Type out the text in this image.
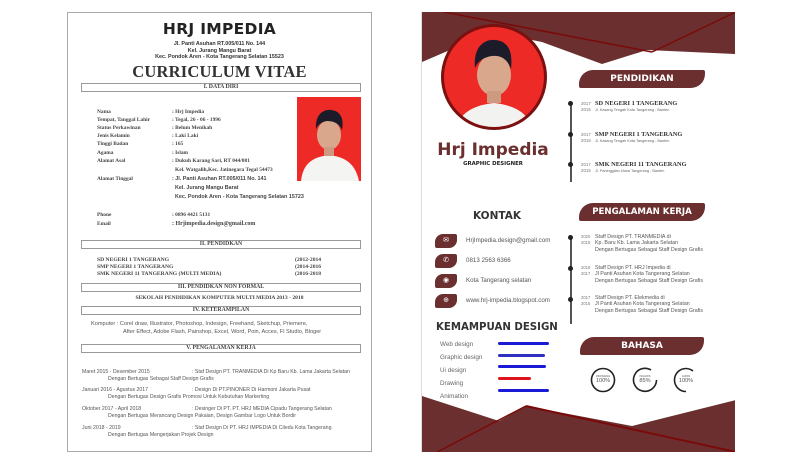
HRJ IMPEDIA
Jl. Panti Asuhan RT.005/011 No. 144
Kel. Jurang Mangu Barat
Kec. Pondok Aren - Kota Tangerang Selatan 15523
CURRICULUM VITAE
I. DATA DIRI
Nama	: Hrj Impedia
Tempat, Tanggal Lahir	: Tegal, 26 - 06 - 1996
Status Perkawinan	: Belum Menikah
Jenis Kelamin	: Laki Laki
Tinggi Badan	: 165
Agama	: Islam
Alamat Asal	: Dukuh Karang Sari, RT 044/081
Kel. Watgalih,Kec. Jatinegara Tegal 54473
Alamat Tinggal	: Jl. Panti Asuhan RT.005/011 No. 141
Kel. Jurang Mangu Barat
Kec. Pondok Aren - Kota Tangerang Selatan 15723
Phone	: 0896 4421 5131
Email	: Hrjimpedia.design@gmail.com
II. PENDIDKAN
SD NEGERI 1 TANGERANG	(2012-2014
SMP NEGERI 1 TANGERANG	(2014-2016
SMK NEGERI 11 TANGERANG (MULTI MEDIA)	(2016-2018
III. PENDIDKAN NON FORMAL
SEKOLAH PENDIDIKAN KOMPUTER MULTI MEDIA 2013 - 2018
IV. KETERAMPILAN
Komputer : Corel draw, Illustrator, Photoshop, Indesign, Freehand, Sketchup, Priemere,
After Effect, Adobe Flash, Painshop, Excel, Word, Poin, Acces, Fl Studio, Bloger
V. PENGALAMAN KERJA
Maret 2015 - Desember 2015	: Staf Design PT. TRANMEDIA Di Kp Baru Kb. Lama Jakarta Selatan
Dengan Bertugas Sebagai Staff Design Grafis
Januari 2016 - Agustus 2017	: Design Di PT.PINONER Di Harmoni Jakarta Pusat
Dengan Bertugas Design Grafis Promosi Untuk Kebutuhan Markerting
Oktober 2017 - April 2018	: Desinger Di PT. PT. HRJ MEDIA Cipadu Tangerang Selatan
Dengan Bertugas Merancang Design Pakaian, Design Gambar Logo Untuk Bordir
Juni 2018 - 2019	: Staf Design Di PT. HRJ IMPEDIA Di Ciledu Kota Tangerang
Dengan Bertugas Mengerjakan Projek Design
Hrj Impedia
GRAPHIC DESIGNER
KONTAK
✉	HrjImpedia.design@gmail.com
✆	0813 2563 6366
◉	Kota Tangerang selatan
⊕	www.hrj-impedia.blogspot.com
KEMAMPUAN DESIGN
Web design
Graphic design
Ui design
Drawing
Animation
PENDIDIKAN
2017
2015
SD NEGERI 1 TANGERANG
Jl. Kasang Tengah Kota Tangerang - Banten
2017
2015
SMP NEGERI 1 TANGERANG
Jl. Kasang Tengah Kota Tangerang - Banten
2017
2015
SMK NEGERI 11 TANGERANG
Jl. Paninggilan Utara Tangerang - Banten
PENGALAMAN KERJA
2020
2018
Staff Design PT. TRANMEDIA di
Kp. Baru Kb. Lama Jakarta Selatan
Dengan Bertugas Sebagai Staff Design Grafis
2018
2017
Staff Design PT. HRJ Impedia di
Jl Panti Asuhan Kota Tangerang Selatan
Dengan Bertugas Sebagai Staff Design Grafis
2017
2015
Staff Design PT. Elekmedia di
Jl Panti Asuhan Kota Tangerang Selatan
Dengan Bertugas Sebagai Staff Design Grafis
BAHASA
INDONESIA
100%
INGGRIS
85%
JAPAN
100%
